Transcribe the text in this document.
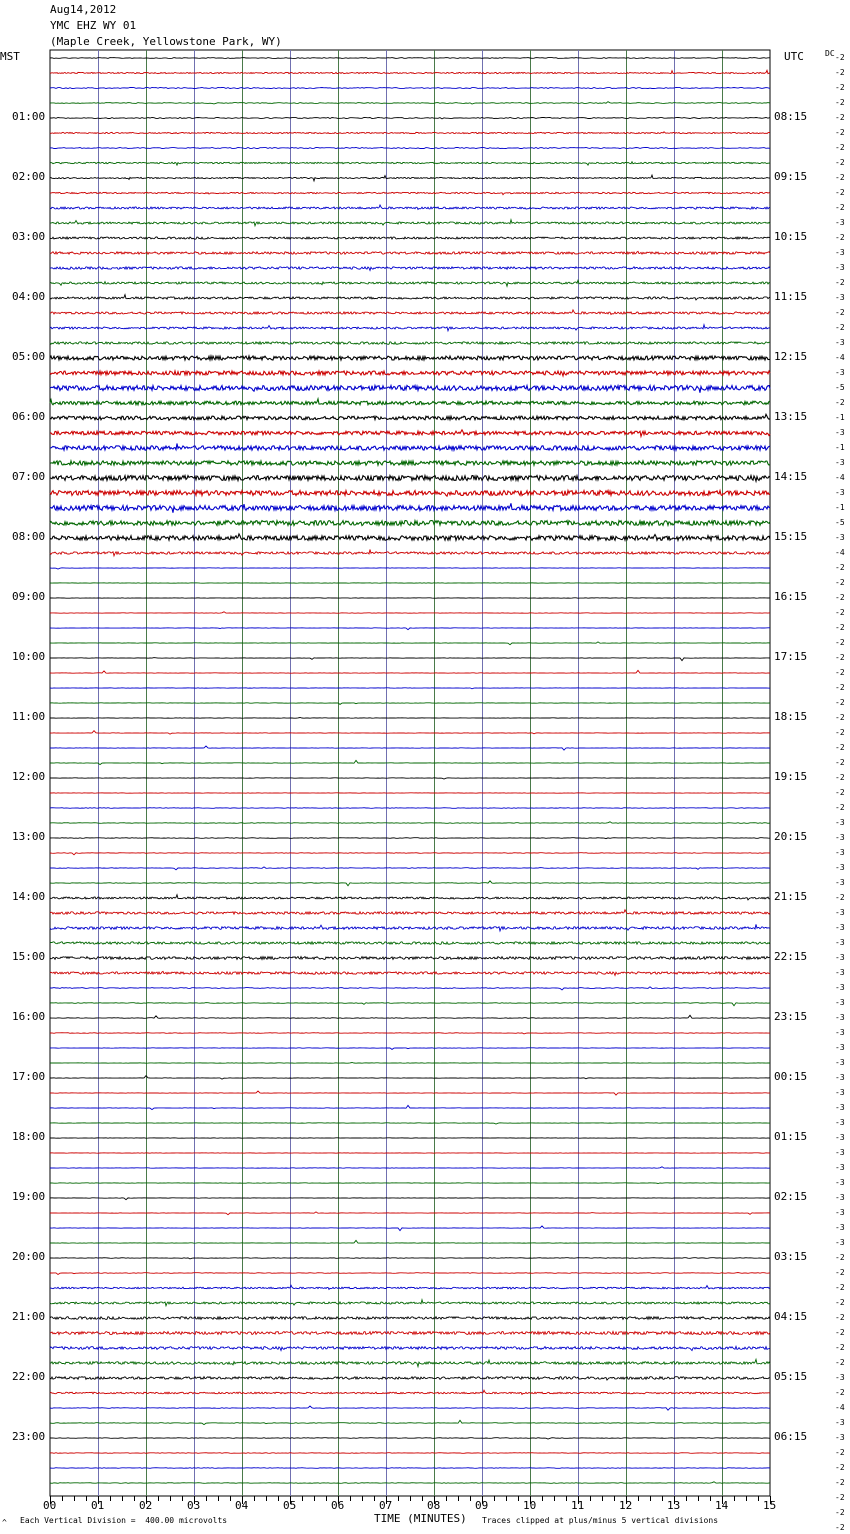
Aug14,2012
YMC EHZ WY 01
(Maple Creek, Yellowstone Park, WY)
MST	UTC	DC
01:00
02:00
03:00
04:00
05:00
06:00
07:00
08:00
09:00
10:00
11:00
12:00
13:00
14:00
15:00
16:00
17:00
18:00
19:00
20:00
21:00
22:00
23:00
08:15
09:15
10:15
11:15
12:15
13:15
14:15
15:15
16:15
17:15
18:15
19:15
20:15
21:15
22:15
23:15
00:15
01:15
02:15
03:15
04:15
05:15
06:15
-2
-2
-2
-2
-2
-2
-2
-2
-2
-2
-2
-3
-2
-3
-3
-2
-3
-2
-2
-3
-4
-3
-5
-2
-1
-3
-1
-3
-4
-3
-1
-5
-3
-4
-2
-2
-2
-2
-2
-2
-2
-2
-2
-2
-2
-2
-2
-2
-2
-2
-2
-3
-3
-3
-3
-3
-2
-3
-3
-3
-3
-3
-3
-3
-3
-3
-3
-3
-3
-3
-3
-3
-3
-3
-3
-3
-3
-3
-3
-3
-2
-2
-2
-2
-2
-2
-2
-2
-3
-2
-4
-3
-3
-2
-2
-2
-2
-2
-2
00	01	02	03	04	05	06	07	08	09	10	11	12	13	14	15
^ Each Vertical Division =  400.00 microvolts	TIME (MINUTES) Traces clipped at plus/minus 5 vertical divisions
